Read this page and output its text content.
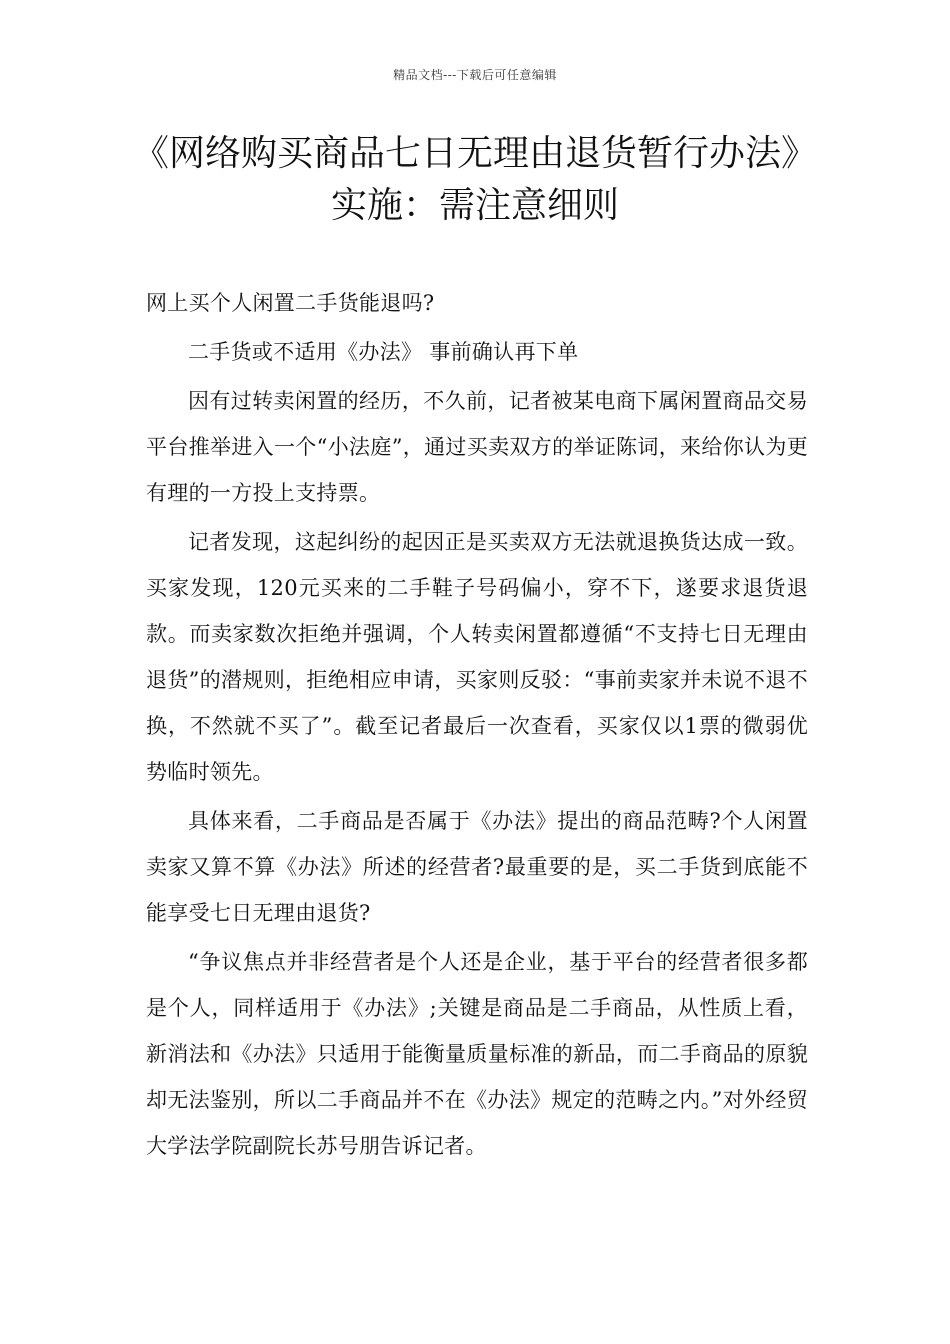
精品文档---下载后可任意编辑
《网络购买商品七日无理由退货暂行办法》实施：需注意细则

网上买个人闲置二手货能退吗?

二手货或不适用《办法》 事前确认再下单

因有过转卖闲置的经历，不久前，记者被某电商下属闲置商品交易平台推举进入一个“小法庭”，通过买卖双方的举证陈词，来给你认为更有理的一方投上支持票。

记者发现，这起纠纷的起因正是买卖双方无法就退换货达成一致。买家发现，120元买来的二手鞋子号码偏小，穿不下，遂要求退货退款。而卖家数次拒绝并强调，个人转卖闲置都遵循“不支持七日无理由退货”的潜规则，拒绝相应申请，买家则反驳：“事前卖家并未说不退不换，不然就不买了”。截至记者最后一次查看，买家仅以1票的微弱优势临时领先。

具体来看，二手商品是否属于《办法》提出的商品范畴?个人闲置卖家又算不算《办法》所述的经营者?最重要的是，买二手货到底能不能享受七日无理由退货?

“争议焦点并非经营者是个人还是企业，基于平台的经营者很多都是个人，同样适用于《办法》;关键是商品是二手商品，从性质上看，新消法和《办法》只适用于能衡量质量标准的新品，而二手商品的原貌却无法鉴别，所以二手商品并不在《办法》规定的范畴之内。”对外经贸大学法学院副院长苏号朋告诉记者。
